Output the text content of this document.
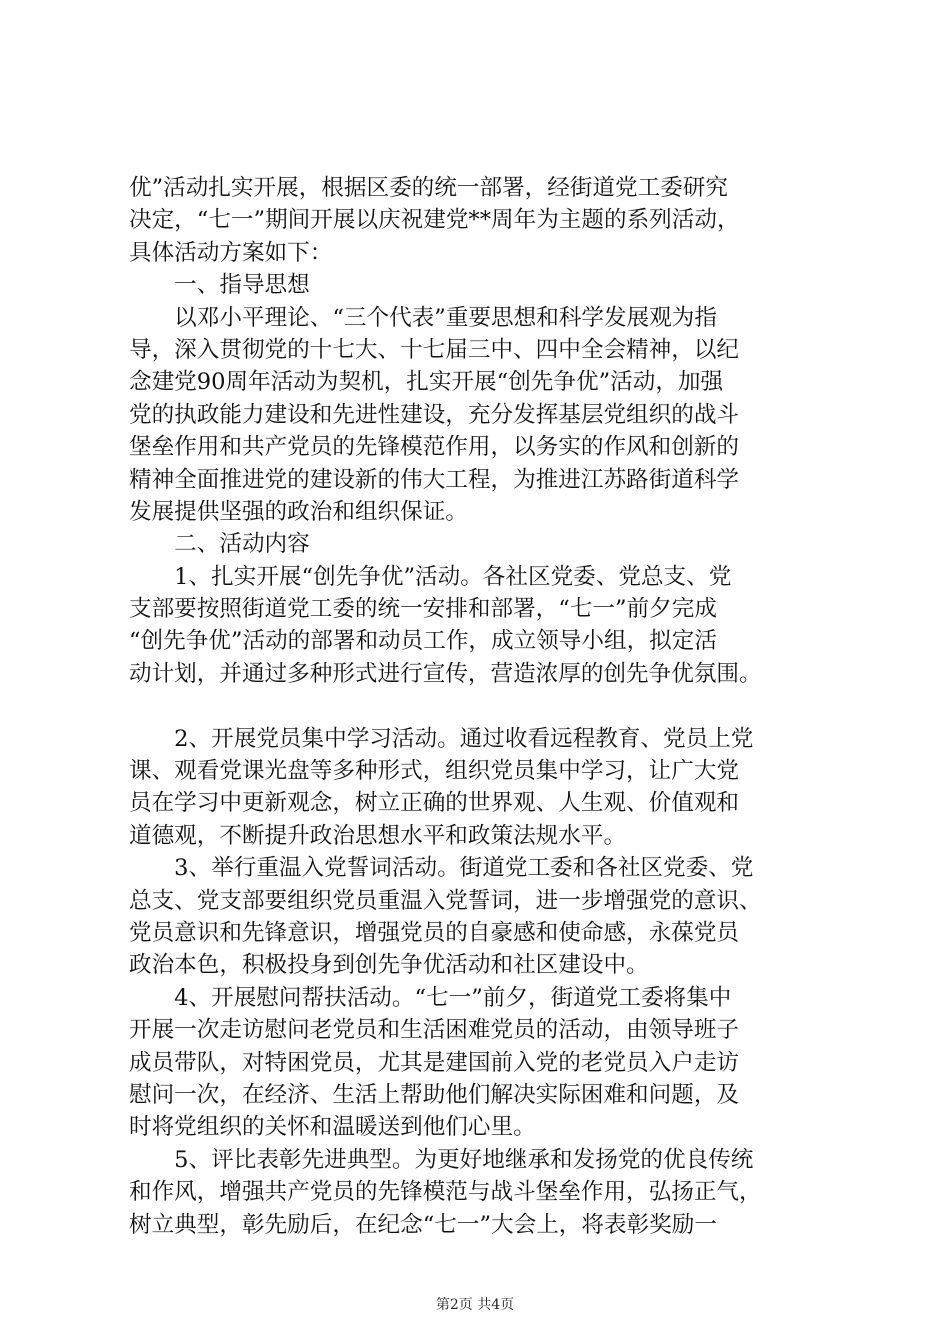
优”活动扎实开展，根据区委的统一部署，经街道党工委研究
决定，“七一”期间开展以庆祝建党**周年为主题的系列活动，
具体活动方案如下：
　　一、指导思想
　　以邓小平理论、“三个代表”重要思想和科学发展观为指
导，深入贯彻党的十七大、十七届三中、四中全会精神，以纪
念建党90周年活动为契机，扎实开展“创先争优”活动，加强
党的执政能力建设和先进性建设，充分发挥基层党组织的战斗
堡垒作用和共产党员的先锋模范作用，以务实的作风和创新的
精神全面推进党的建设新的伟大工程，为推进江苏路街道科学
发展提供坚强的政治和组织保证。
　　二、活动内容
　　1、扎实开展“创先争优”活动。各社区党委、党总支、党
支部要按照街道党工委的统一安排和部署，“七一”前夕完成
“创先争优”活动的部署和动员工作，成立领导小组，拟定活
动计划，并通过多种形式进行宣传，营造浓厚的创先争优氛围。
　　2、开展党员集中学习活动。通过收看远程教育、党员上党
课、观看党课光盘等多种形式，组织党员集中学习，让广大党
员在学习中更新观念，树立正确的世界观、人生观、价值观和
道德观，不断提升政治思想水平和政策法规水平。
　　3、举行重温入党誓词活动。街道党工委和各社区党委、党
总支、党支部要组织党员重温入党誓词，进一步增强党的意识、
党员意识和先锋意识，增强党员的自豪感和使命感，永葆党员
政治本色，积极投身到创先争优活动和社区建设中。
　　4、开展慰问帮扶活动。“七一”前夕，街道党工委将集中
开展一次走访慰问老党员和生活困难党员的活动，由领导班子
成员带队，对特困党员，尤其是建国前入党的老党员入户走访
慰问一次，在经济、生活上帮助他们解决实际困难和问题，及
时将党组织的关怀和温暖送到他们心里。
　　5、评比表彰先进典型。为更好地继承和发扬党的优良传统
和作风，增强共产党员的先锋模范与战斗堡垒作用，弘扬正气，
树立典型，彰先励后，在纪念“七一”大会上，将表彰奖励一
第2页 共4页
